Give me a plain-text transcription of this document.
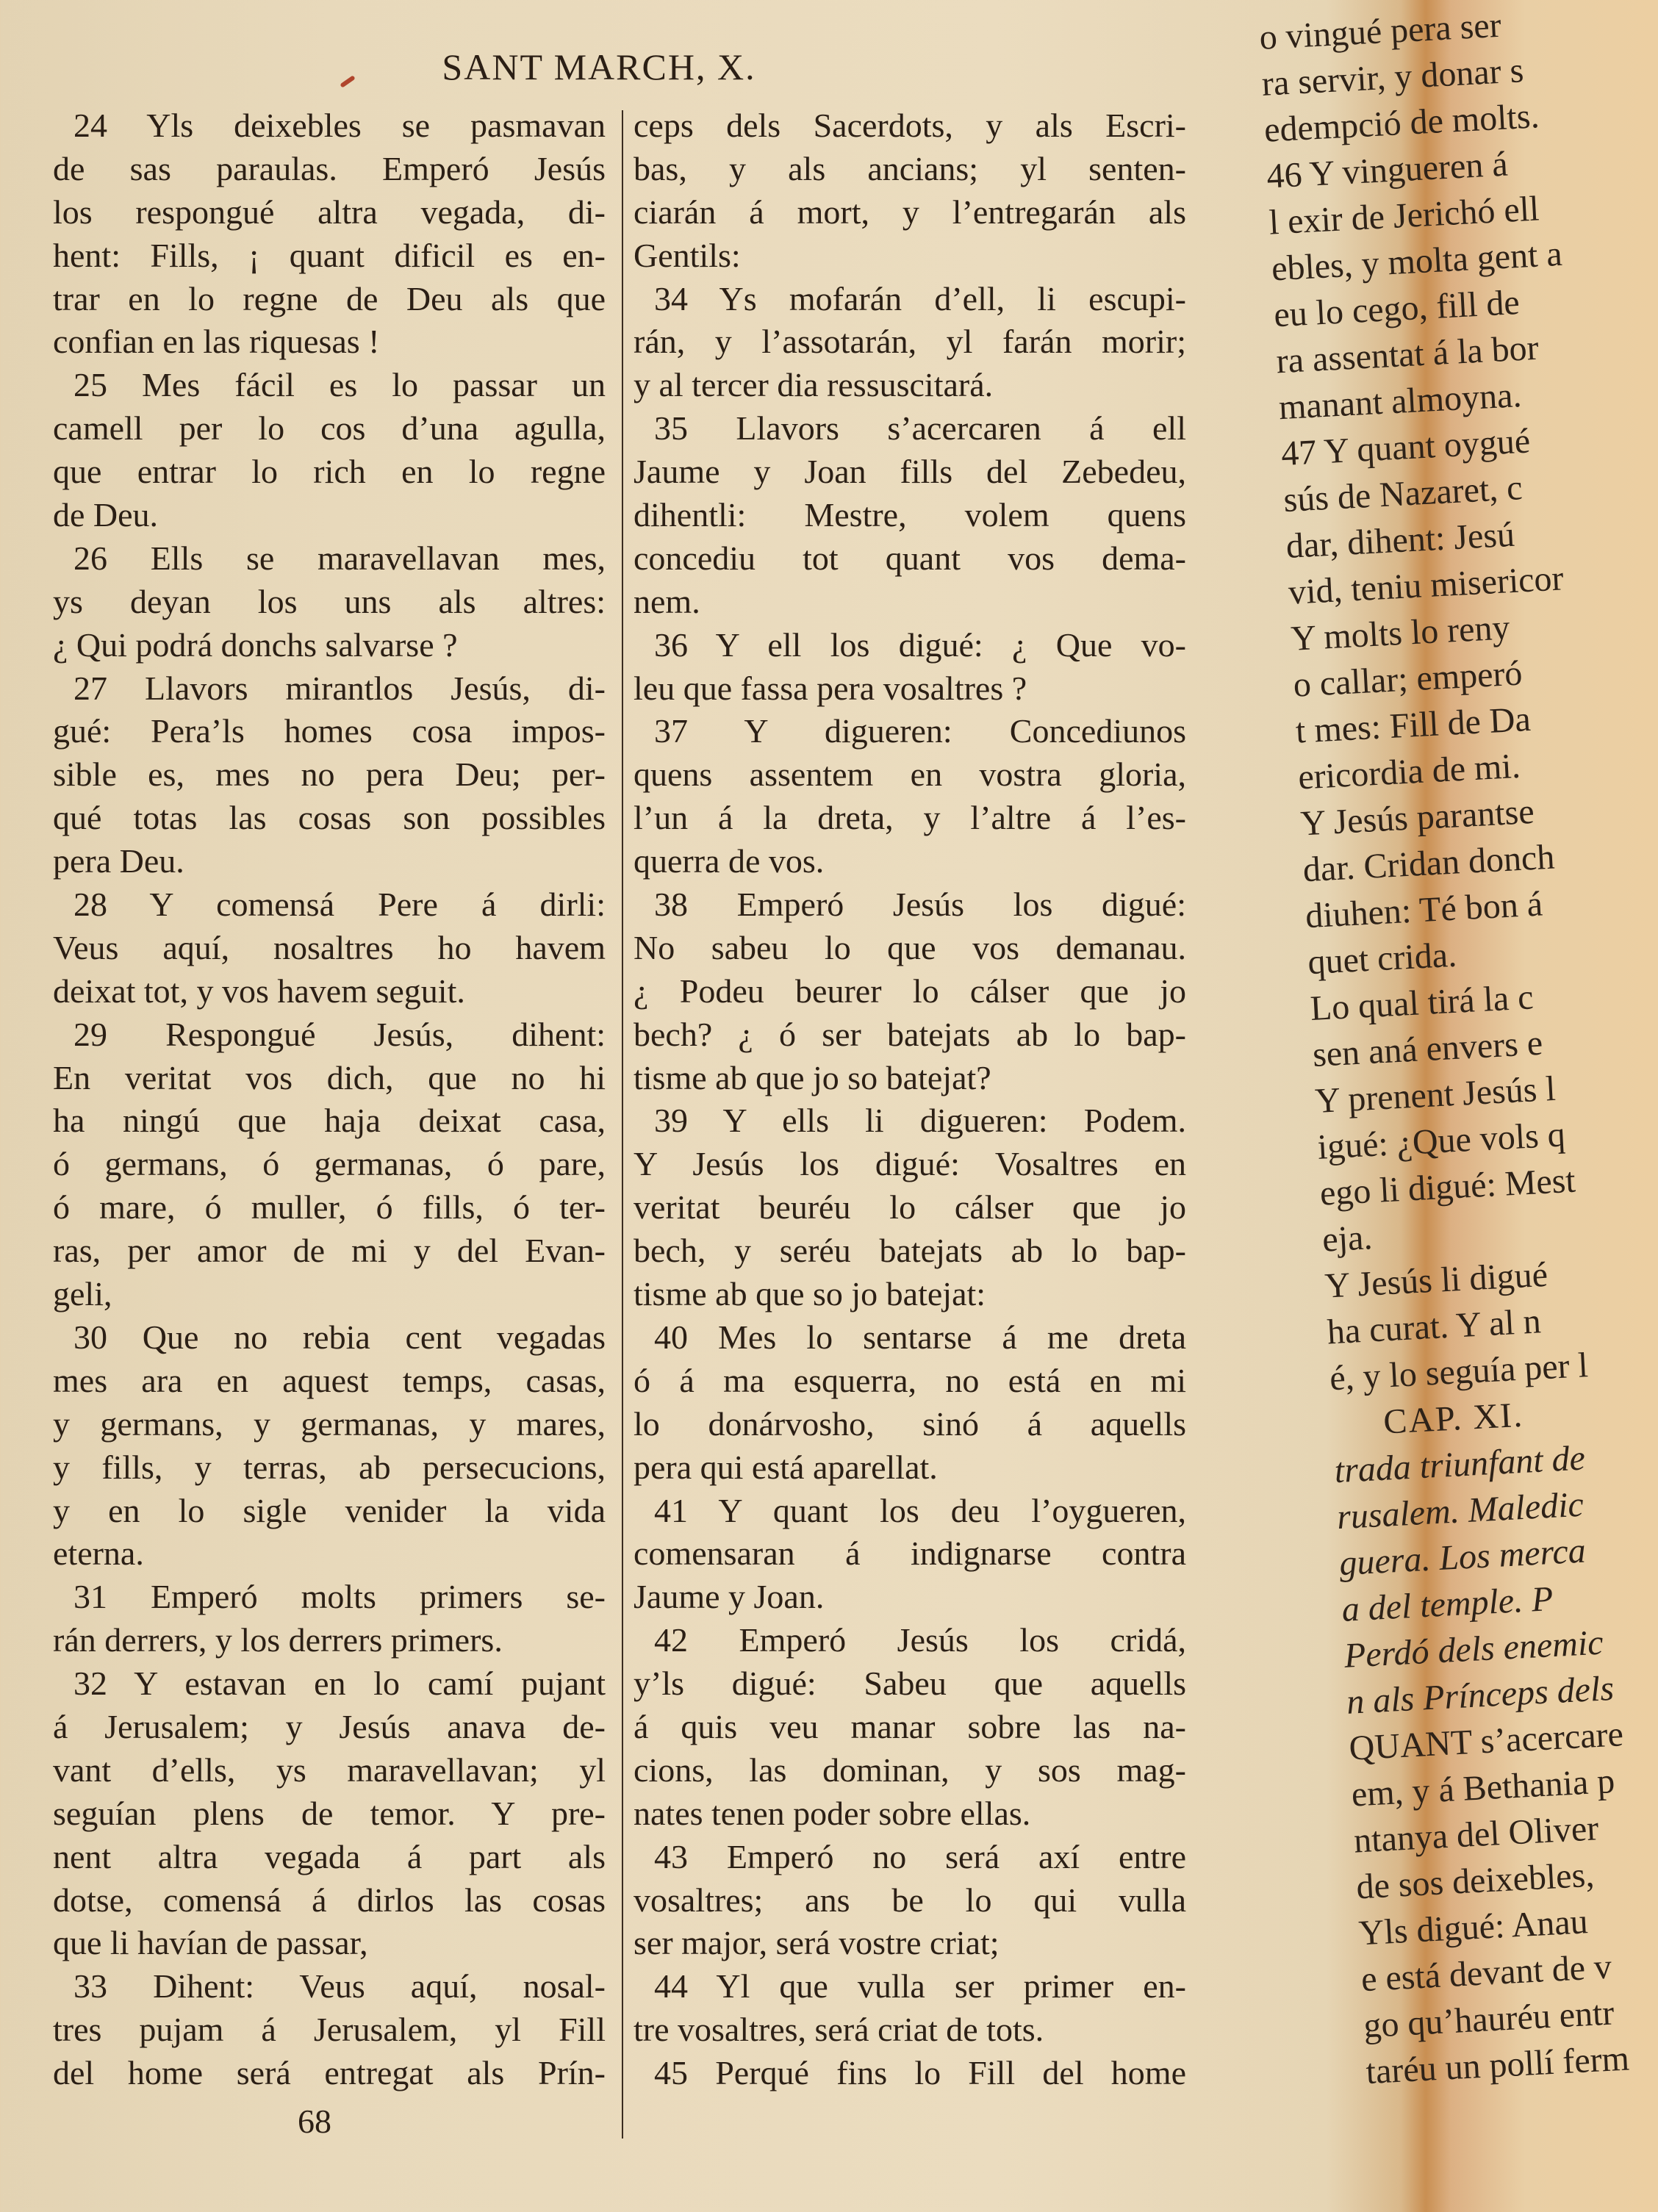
SANT MARCH, X.
24 Yls deixebles se pasmavan
de sas paraulas. Emperó Jesús
los respongué altra vegada, di-
hent: Fills, ¡ quant dificil es en-
trar en lo regne de Deu als que
confian en las riquesas !
25 Mes fácil es lo passar un
camell per lo cos d’una agulla,
que entrar lo rich en lo regne
de Deu.
26 Ells se maravellavan mes,
ys deyan los uns als altres:
¿ Qui podrá donchs salvarse ?
27 Llavors mirantlos Jesús, di-
gué: Pera’ls homes cosa impos-
sible es, mes no pera Deu; per-
qué totas las cosas son possibles
pera Deu.
28 Y comensá Pere á dirli:
Veus aquí, nosaltres ho havem
deixat tot, y vos havem seguit.
29 Respongué Jesús, dihent:
En veritat vos dich, que no hi
ha ningú que haja deixat casa,
ó germans, ó germanas, ó pare,
ó mare, ó muller, ó fills, ó ter-
ras, per amor de mi y del Evan-
geli,
30 Que no rebia cent vegadas
mes ara en aquest temps, casas,
y germans, y germanas, y mares,
y fills, y terras, ab persecucions,
y en lo sigle venider la vida
eterna.
31 Emperó molts primers se-
rán derrers, y los derrers primers.
32 Y estavan en lo camí pujant
á Jerusalem; y Jesús anava de-
vant d’ells, ys maravellavan; yl
seguían plens de temor. Y pre-
nent altra vegada á part als
dotse, comensá á dirlos las cosas
que li havían de passar,
33 Dihent: Veus aquí, nosal-
tres pujam á Jerusalem, yl Fill
del home será entregat als Prín-
ceps dels Sacerdots, y als Escri-
bas, y als ancians; yl senten-
ciarán á mort, y l’entregarán als
Gentils:
34 Ys mofarán d’ell, li escupi-
rán, y l’assotarán, yl farán morir;
y al tercer dia ressuscitará.
35 Llavors s’acercaren á ell
Jaume y Joan fills del Zebedeu,
dihentli: Mestre, volem quens
concediu tot quant vos dema-
nem.
36 Y ell los digué: ¿ Que vo-
leu que fassa pera vosaltres ?
37 Y digueren: Concediunos
quens assentem en vostra gloria,
l’un á la dreta, y l’altre á l’es-
querra de vos.
38 Emperó Jesús los digué:
No sabeu lo que vos demanau.
¿ Podeu beurer lo cálser que jo
bech? ¿ ó ser batejats ab lo bap-
tisme ab que jo so batejat?
39 Y ells li digueren: Podem.
Y Jesús los digué: Vosaltres en
veritat beuréu lo cálser que jo
bech, y seréu batejats ab lo bap-
tisme ab que so jo batejat:
40 Mes lo sentarse á me dreta
ó á ma esquerra, no está en mi
lo donárvosho, sinó á aquells
pera qui está aparellat.
41 Y quant los deu l’oygueren,
comensaran á indignarse contra
Jaume y Joan.
42 Emperó Jesús los cridá,
y’ls digué: Sabeu que aquells
á quis veu manar sobre las na-
cions, las dominan, y sos mag-
nates tenen poder sobre ellas.
43 Emperó no será axí entre
vosaltres; ans be lo qui vulla
ser major, será vostre criat;
44 Yl que vulla ser primer en-
tre vosaltres, será criat de tots.
45 Perqué fins lo Fill del home
68
o vingué pera ser
ra servir, y donar s
edempció de molts.
46 Y vingueren á
l exir de Jerichó ell
ebles, y molta gent a
eu lo cego, fill de
ra assentat á la bor
manant almoyna.
47 Y quant oygué
sús de Nazaret, c
dar, dihent: Jesú
vid, teniu misericor
Y molts lo reny
o callar; emperó
t mes: Fill de Da
ericordia de mi.
Y Jesús parantse
dar. Cridan donch
diuhen: Té bon á
quet crida.
Lo qual tirá la c
sen aná envers e
Y prenent Jesús l
igué: ¿Que vols q
ego li digué: Mest
eja.
Y Jesús li digué
ha curat. Y al n
é, y lo seguía per l
CAP. XI.
trada triunfant de
rusalem. Maledic
guera. Los merca
a del temple. P
Perdó dels enemic
n als Prínceps dels
QUANT s’acercare
em, y á Bethania p
ntanya del Oliver
de sos deixebles,
Yls digué: Anau
e está devant de v
go qu’hauréu entr
taréu un pollí ferm
